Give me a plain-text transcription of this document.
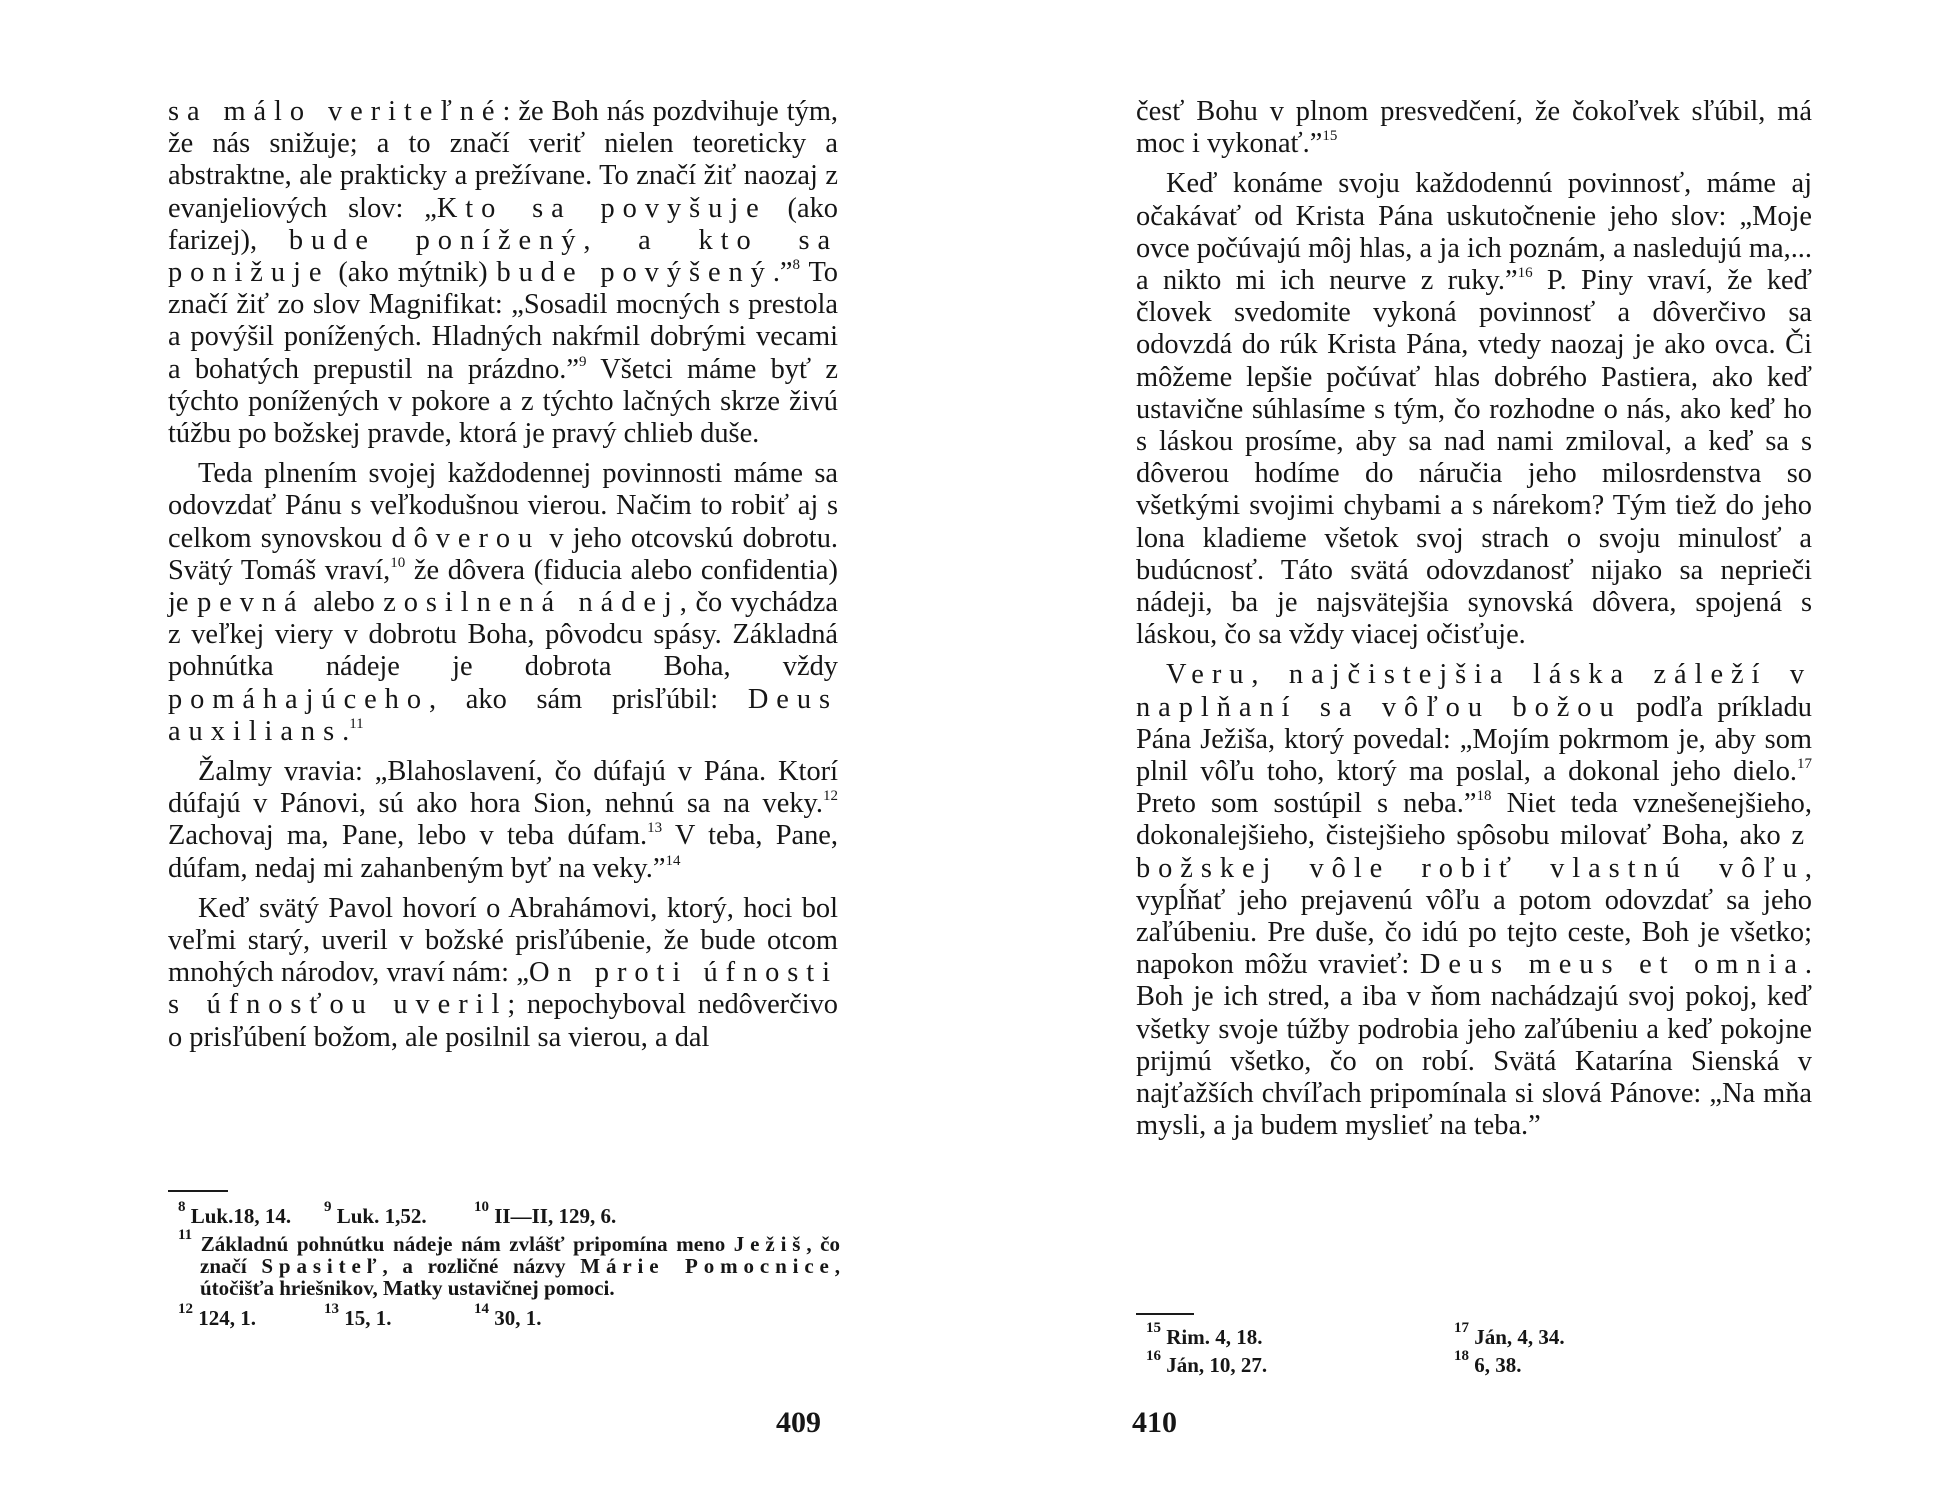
sa málo veriteľné: že Boh nás pozdvihuje tým, že nás snižuje; a to značí veriť nielen teoreticky a abstraktne, ale prakticky a prežívane. To značí žiť naozaj z evanjeliových slov: „Kto sa povyšuje (ako farizej), bude ponížený, a kto sa ponižuje (ako mýtnik) bude povýšený.”$^8$ To značí žiť zo slov Magnifikat: „Sosadil mocných s prestola a povýšil ponížených. Hladných nakŕmil dobrými vecami a bohatých prepustil na prázdno.”$^9$ Všetci máme byť z týchto ponížených v pokore a z týchto lačných skrze živú túžbu po božskej pravde, ktorá je pravý chlieb duše.

Teda plnením svojej každodennej povinnosti máme sa odovzdať Pánu s veľkodušnou vierou. Načim to robiť aj s celkom synovskou dôverou v jeho otcovskú dobrotu. Svätý Tomáš vraví,$^{10}$ že dôvera (fiducia alebo confidentia) je pevná alebo zosilnená nádej, čo vychádza z veľkej viery v dobrotu Boha, pôvodcu spásy. Základná pohnútka nádeje je dobrota Boha, vždy pomáhajúceho, ako sám prisľúbil: Deus auxilians.$^{11}$

Žalmy vravia: „Blahoslavení, čo dúfajú v Pána. Ktorí dúfajú v Pánovi, sú ako hora Sion, nehnú sa na veky.$^{12}$ Zachovaj ma, Pane, lebo v teba dúfam.$^{13}$ V teba, Pane, dúfam, nedaj mi zahanbeným byť na veky.”$^{14}$

Keď svätý Pavol hovorí o Abrahámovi, ktorý, hoci bol veľmi starý, uveril v božské prisľúbenie, že bude otcom mnohých národov, vraví nám: „On proti úfnosti s úfnosťou uveril; nepochyboval nedôverčivo o prisľúbení božom, ale posilnil sa vierou, a dal

$^8$ Luk.18, 14.	$^9$ Luk. 1,52.	$^{10}$ II—II, 129, 6.
$^{11}$ Základnú pohnútku nádeje nám zvlášť pripomína meno Ježiš, čo značí Spasiteľ, a rozličné názvy Márie Pomocnice, útočišťa hriešnikov, Matky ustavičnej pomoci.
$^{12}$ 124, 1.	$^{13}$ 15, 1.	$^{14}$ 30, 1.
409

česť Bohu v plnom presvedčení, že čokoľvek sľúbil, má moc i vykonať.”$^{15}$

Keď konáme svoju každodennú povinnosť, máme aj očakávať od Krista Pána uskutočnenie jeho slov: „Moje ovce počúvajú môj hlas, a ja ich poznám, a nasledujú ma,... a nikto mi ich neurve z ruky.”$^{16}$ P. Piny vraví, že keď človek svedomite vykoná povinnosť a dôverčivo sa odovzdá do rúk Krista Pána, vtedy naozaj je ako ovca. Či môžeme lepšie počúvať hlas dobrého Pastiera, ako keď ustavične súhlasíme s tým, čo rozhodne o nás, ako keď ho s láskou prosíme, aby sa nad nami zmiloval, a keď sa s dôverou hodíme do náručia jeho milosrdenstva so všetkými svojimi chybami a s nárekom? Tým tiež do jeho lona kladieme všetok svoj strach o svoju minulosť a budúcnosť. Táto svätá odovzdanosť nijako sa neprieči nádeji, ba je najsvätejšia synovská dôvera, spojená s láskou, čo sa vždy viacej očisťuje.

Veru, najčistejšia láska záleží v naplňaní sa vôľou božou podľa príkladu Pána Ježiša, ktorý povedal: „Mojím pokrmom je, aby som plnil vôľu toho, ktorý ma poslal, a dokonal jeho dielo.$^{17}$ Preto som sostúpil s neba.”$^{18}$ Niet teda vznešenejšieho, dokonalejšieho, čistejšieho spôsobu milovať Boha, ako z božskej vôle robiť vlastnú vôľu, vypĺňať jeho prejavenú vôľu a potom odovzdať sa jeho zaľúbeniu. Pre duše, čo idú po tejto ceste, Boh je všetko; napokon môžu vravieť: Deus meus et omnia. Boh je ich stred, a iba v ňom nachádzajú svoj pokoj, keď všetky svoje túžby podrobia jeho zaľúbeniu a keď pokojne prijmú všetko, čo on robí. Svätá Katarína Sienská v najťažších chvíľach pripomínala si slová Pánove: „Na mňa mysli, a ja budem myslieť na teba.”

$^{15}$ Rim. 4, 18.	$^{17}$ Ján, 4, 34.
$^{16}$ Ján, 10, 27.	$^{18}$ 6, 38.
410
